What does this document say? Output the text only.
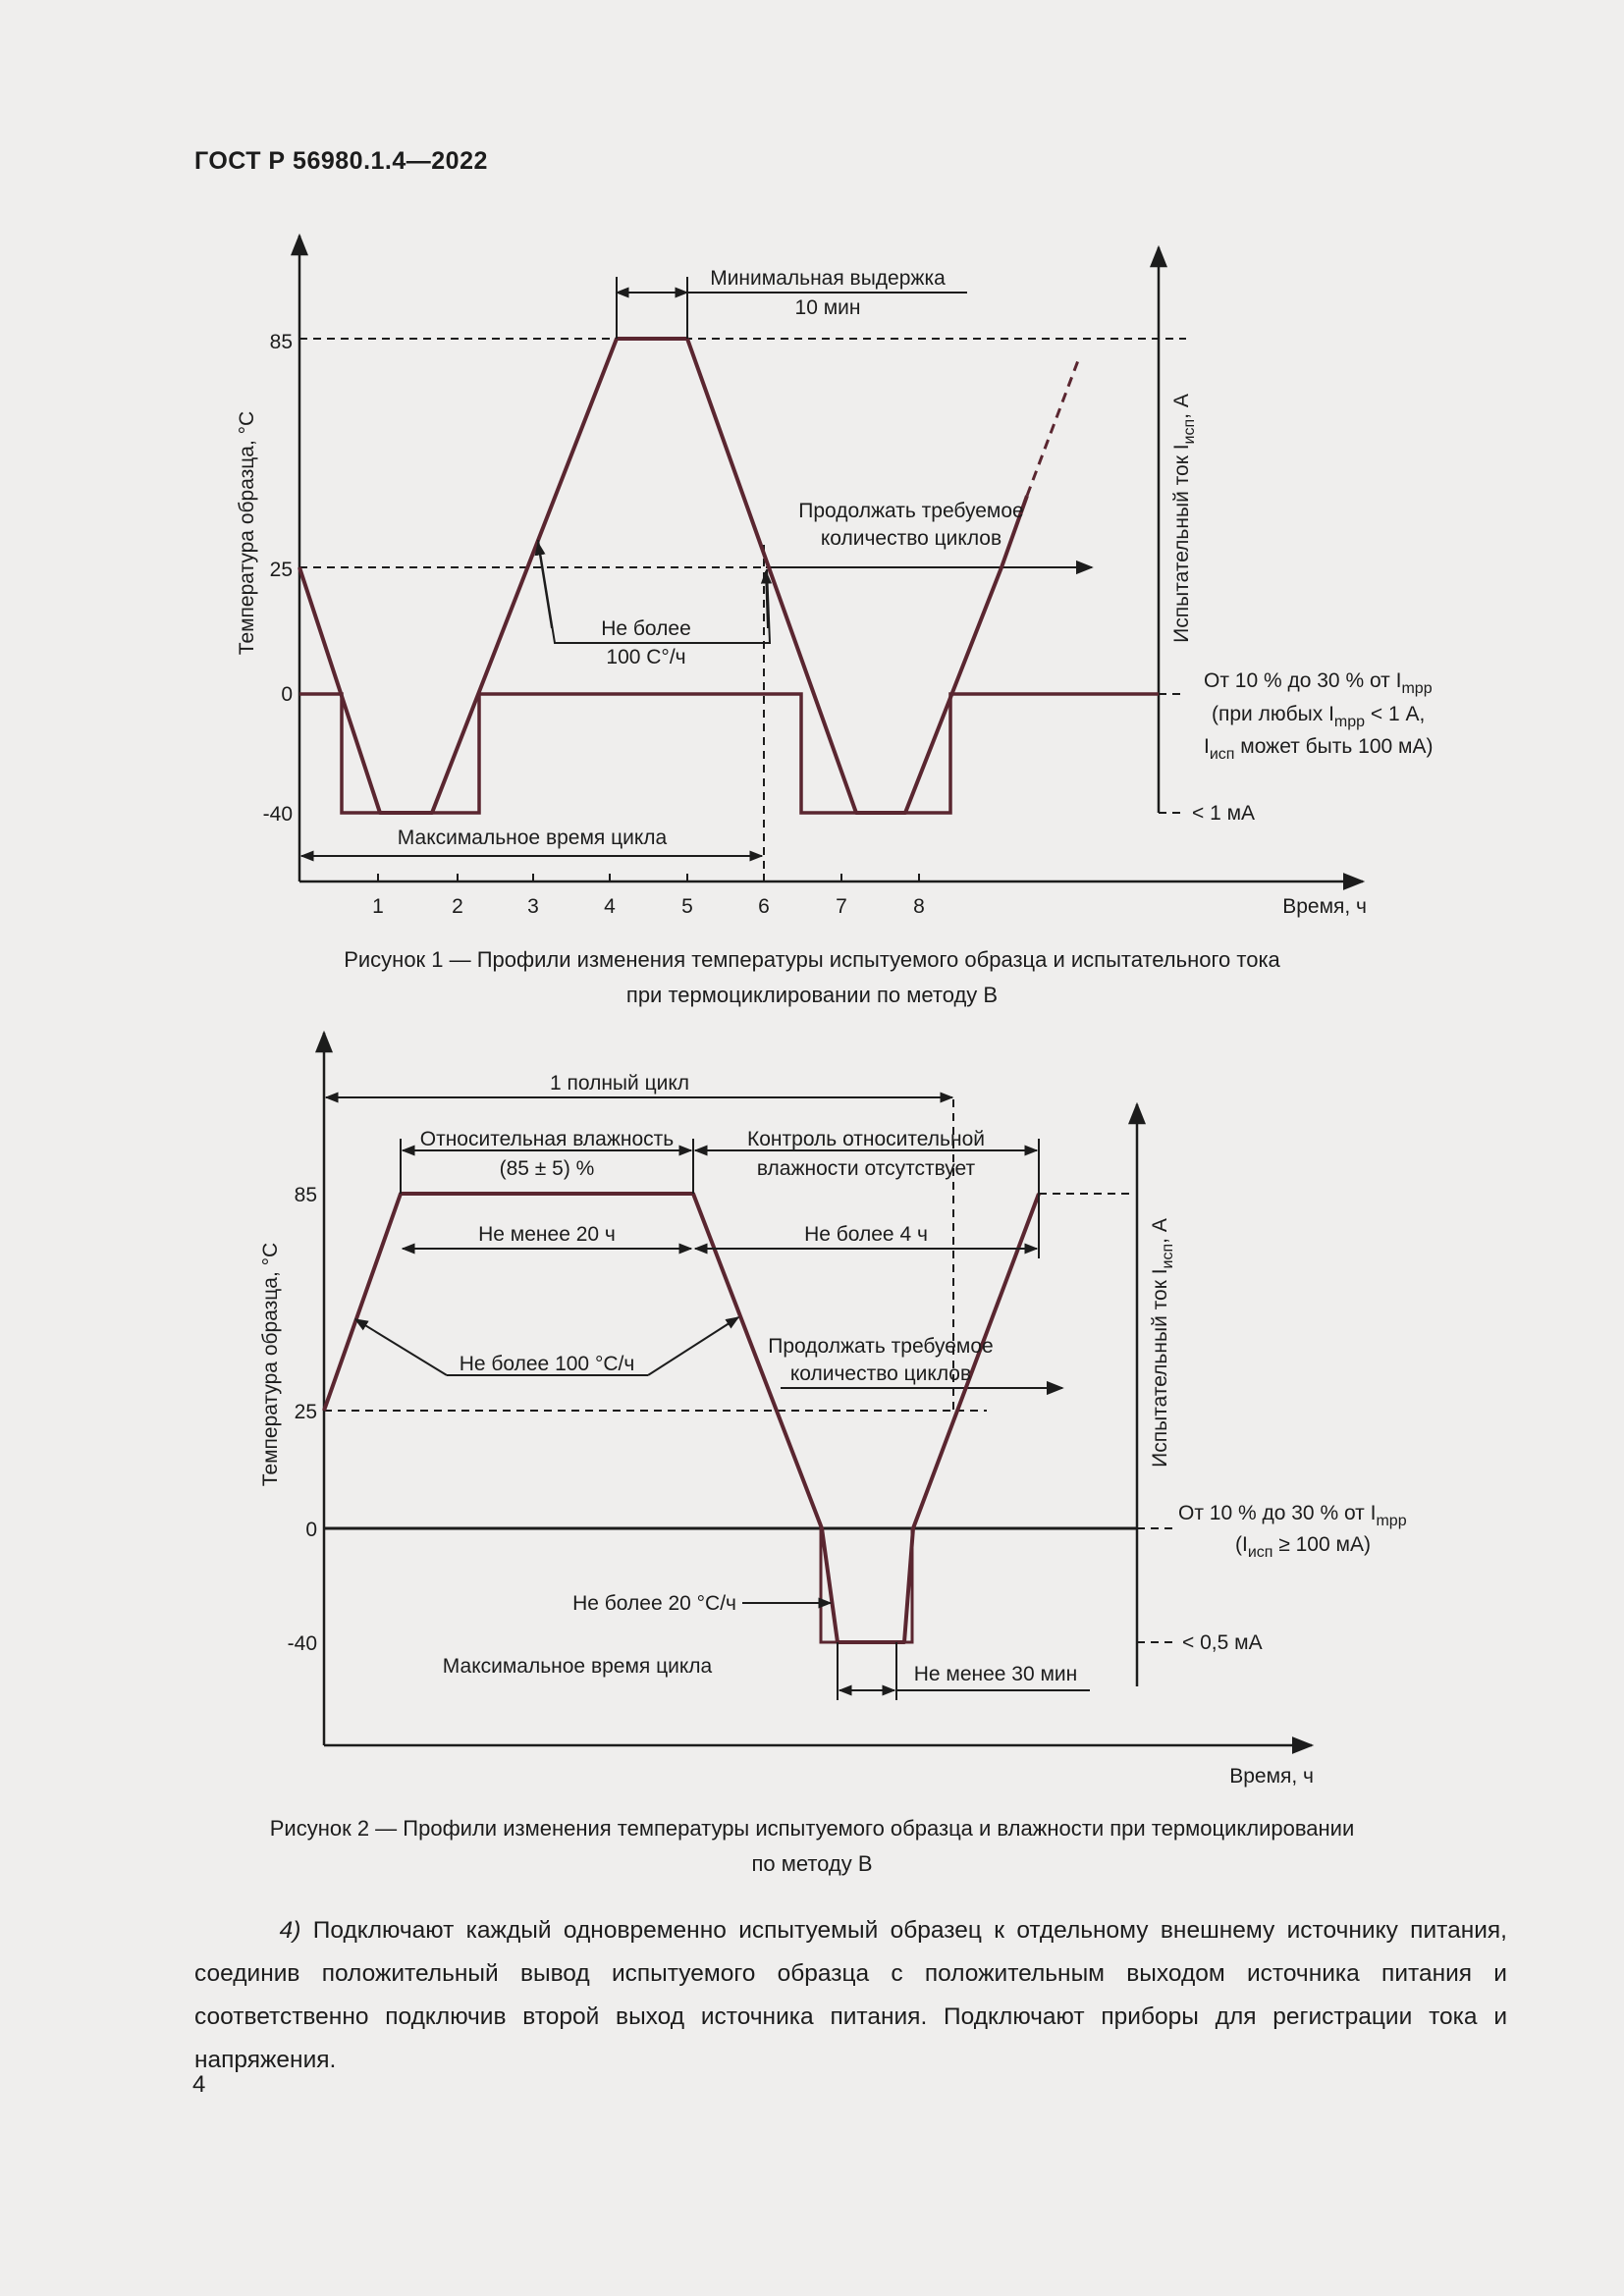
ГОСТ Р 56980.1.4—2022
85
25
0
-40
1	2	3	4	5	6	7	8	Время, ч
Температура образца, °С	Испытательный ток $I_{исп}$, А
Минимальная выдержка
10 мин
Продолжать требуемое
количество циклов
Не более
100 С°/ч
Максимальное время цикла
От 10 % до 30 % от $I_{mpp}$
(при любых $I_{mpp} < 1$ А,
$I_{исп}$ может быть 100 мА)
< 1 мА
Рисунок 1 — Профили изменения температуры испытуемого образца и испытательного тока
при термоциклировании по методу В
85
25
0
-40
Время, ч
Температура образца, °С	Испытательный ток $I_{исп}$, А
1 полный цикл
Относительная влажность
(85 ± 5) %
Контроль относительной
влажности отсутствует
Не менее 20 ч	Не более 4 ч
Не более 100 °С/ч
Продолжать требуемое
количество циклов
Не более 20 °С/ч
Максимальное время цикла	Не менее 30 мин
От 10 % до 30 % от $I_{mpp}$
($I_{исп} \ge 100$ мА)
< 0,5 мА
Рисунок 2 — Профили изменения температуры испытуемого образца и влажности при термоциклировании
по методу В
4) Подключают каждый одновременно испытуемый образец к отдельному внешнему источнику питания, соединив положительный вывод испытуемого образца с положительным выходом источника питания и соответственно подключив второй выход источника питания. Подключают приборы для регистрации тока и напряжения.
4
